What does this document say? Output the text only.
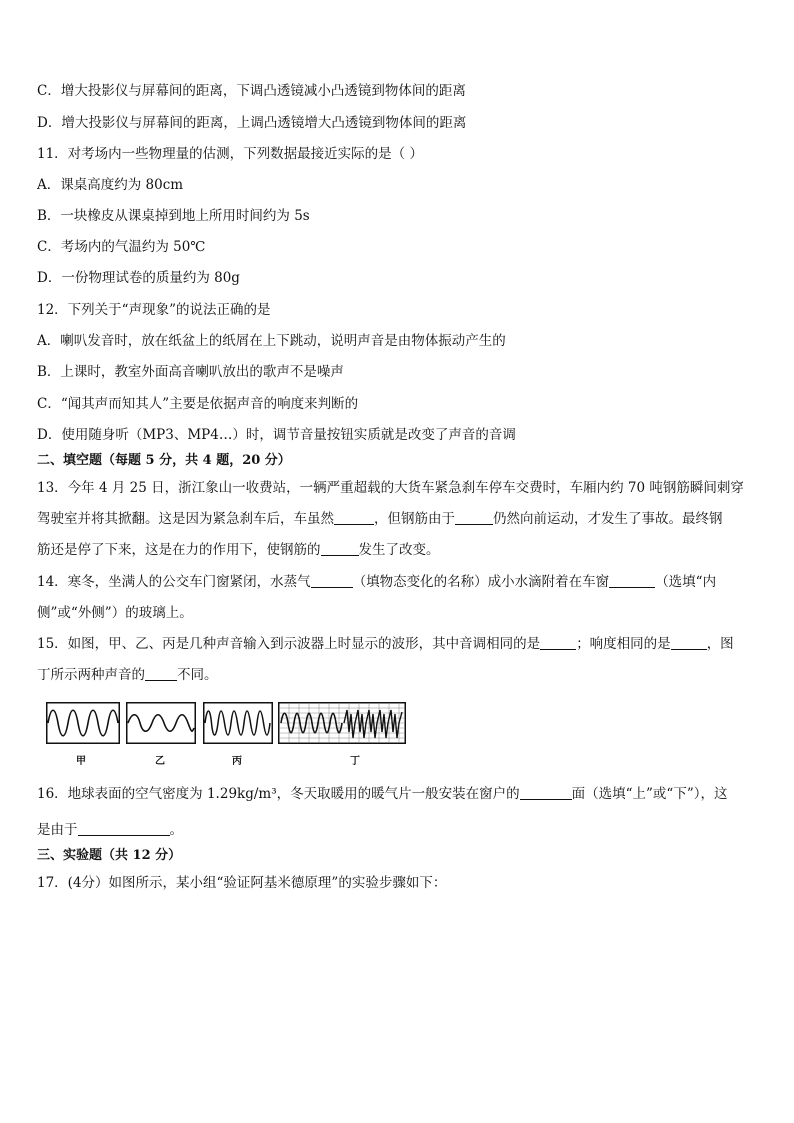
C．增大投影仪与屏幕间的距离，下调凸透镜减小凸透镜到物体间的距离
D．增大投影仪与屏幕间的距离，上调凸透镜增大凸透镜到物体间的距离
11．对考场内一些物理量的估测，下列数据最接近实际的是（ ）
A．课桌高度约为 80cm
B．一块橡皮从课桌掉到地上所用时间约为 5s
C．考场内的气温约为 50℃
D．一份物理试卷的质量约为 80g
12．下列关于“声现象”的说法正确的是
A．喇叭发音时，放在纸盆上的纸屑在上下跳动，说明声音是由物体振动产生的
B．上课时，教室外面高音喇叭放出的歌声不是噪声
C．“闻其声而知其人”主要是依据声音的响度来判断的
D．使用随身听（MP3、MP4…）时，调节音量按钮实质就是改变了声音的音调
二、填空题（每题 5 分，共 4 题，20 分）
13．今年 4 月 25 日，浙江象山一收费站，一辆严重超载的大货车紧急刹车停车交费时，车厢内约 70 吨钢筋瞬间刺穿
驾驶室并将其掀翻。这是因为紧急刹车后，车虽然	，但钢筋由于	仍然向前运动，才发生了事故。最终钢
筋还是停了下来，这是在力的作用下，使钢筋的	发生了改变。
14．寒冬，坐满人的公交车门窗紧闭，水蒸气	（填物态变化的名称）成小水滴附着在车窗	（选填“内
侧”或“外侧”）的玻璃上。
15．如图，甲、乙、丙是几种声音输入到示波器上时显示的波形，其中音调相同的是	；响度相同的是	，图
丁所示两种声音的 不同。
甲	乙	丙	丁
16．地球表面的空气密度为 1.29kg/m³，冬天取暖用的暖气片一般安装在窗户的	面（选填“上”或“下”），这
是由于	。
三、实验题（共 12 分）
17．(4分）如图所示，某小组“验证阿基米德原理”的实验步骤如下：
